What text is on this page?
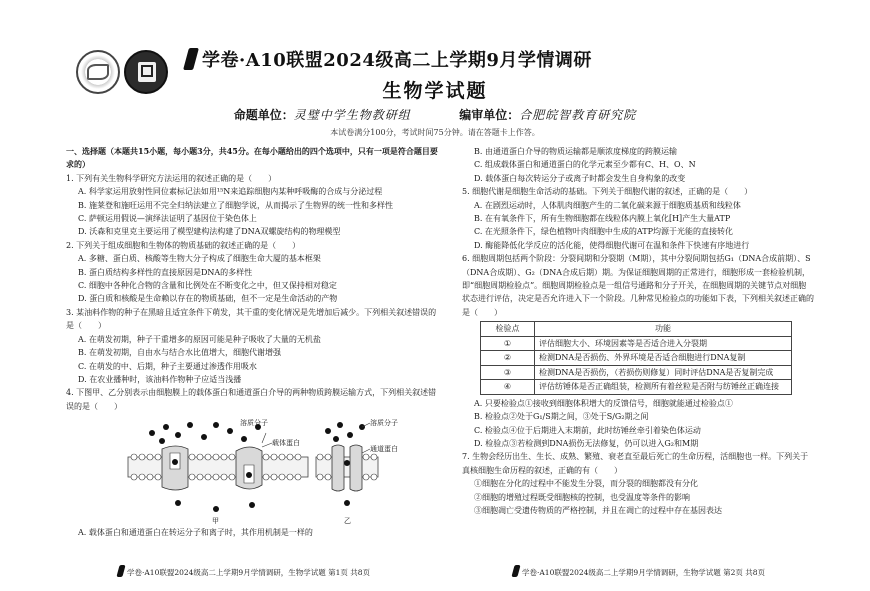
学卷·A10联盟2024级高二上学期9月学情调研
生物学试题
命题单位：灵璧中学生物教研组	编审单位：合肥皖智教育研究院
本试卷满分100分，考试时间75分钟。请在答题卡上作答。

一、选择题（本题共15小题，每小题3分，共45分。在每小题给出的四个选项中，只有一项是符合题目要求的）

1. 下列有关生物科学研究方法运用的叙述正确的是（　　）

A. 科学家运用放射性同位素标记法如用¹⁵N来追踪细胞内某种呼吸酶的合成与分泌过程

B. 施莱登和施旺运用不完全归纳法建立了细胞学说，从而揭示了生物界的统一性和多样性

C. 萨顿运用假说—演绎法证明了基因位于染色体上

D. 沃森和克里克主要运用了模型建构法构建了DNA双螺旋结构的物理模型

2. 下列关于组成细胞和生物体的物质基础的叙述正确的是（　　）

A. 多糖、蛋白质、核酸等生物大分子构成了细胞生命大厦的基本框架

B. 蛋白质结构多样性的直接原因是DNA的多样性

C. 细胞中各种化合物的含量和比例处在不断变化之中，但又保持相对稳定

D. 蛋白质和核酸是生命赖以存在的物质基础，但不一定是生命活动的产物

3. 某油料作物的种子在黑暗且适宜条件下萌发，其干重的变化情况是先增加后减少。下列相关叙述错误的是（　　）

A. 在萌发初期，种子干重增多的原因可能是种子吸收了大量的无机盐

B. 在萌发初期，自由水与结合水比值增大，细胞代谢增强

C. 在萌发的中、后期，种子主要通过渗透作用吸水

D. 在农业播种时，该油料作物种子应适当浅播

4. 下图甲、乙分别表示由细胞膜上的载体蛋白和通道蛋白介导的两种物质跨膜运输方式，下列相关叙述错误的是（　　）

溶质分子
载体蛋白
甲
溶质分子
通道蛋白
乙

A. 载体蛋白和通道蛋白在转运分子和离子时，其作用机制是一样的

B. 由通道蛋白介导的物质运输都是顺浓度梯度的跨膜运输

C. 组成载体蛋白和通道蛋白的化学元素至少都有C、H、O、N

D. 载体蛋白每次转运分子或离子时都会发生自身构象的改变

5. 细胞代谢是细胞生命活动的基础。下列关于细胞代谢的叙述，正确的是（　　）

A. 在剧烈运动时，人体肌肉细胞产生的二氧化碳来源于细胞质基质和线粒体

B. 在有氧条件下，所有生物细胞都在线粒体内膜上氧化[H]产生大量ATP

C. 在光照条件下，绿色植物叶肉细胞中生成的ATP均源于光能的直接转化

D. 酶能降低化学反应的活化能，使得细胞代谢可在温和条件下快速有序地进行

6. 细胞周期包括两个阶段：分裂间期和分裂期（M期），其中分裂间期包括G₁（DNA合成前期）、S（DNA合成期）、G₂（DNA合成后期）期。为保证细胞周期的正常进行，细胞形成一套检验机制，即“细胞周期检验点”。细胞周期检验点是一组信号通路和分子开关，在细胞周期的关键节点对细胞状态进行评估，决定是否允许进入下一个阶段。几种常见检验点的功能如下表，下列相关叙述正确的是（　　）

检验点	功能
①	评估细胞大小、环境因素等是否适合进入分裂期
②	检测DNA是否损伤、外界环境是否适合细胞进行DNA复制
③	检测DNA是否损伤，（若损伤则修复）同时评估DNA是否复制完成
④	评估纺锤体是否正确组装，检测所有着丝粒是否附与纺锤丝正确连接

A. 只要检验点①接收到细胞体积增大的反馈信号，细胞就能通过检验点①

B. 检验点②处于G₁/S期之间，③处于S/G₂期之间

C. 检验点④位于后期进入末期前，此时纺锤丝牵引着染色体运动

D. 检验点③若检测到DNA损伤无法修复，仍可以进入G₂和M期

7. 生物会经历出生、生长、成熟、繁殖、衰老直至最后死亡的生命历程，活细胞也一样。下列关于真核细胞生命历程的叙述，正确的有（　　）

①细胞在分化的过程中不能发生分裂，而分裂的细胞都没有分化

②细胞的增殖过程既受细胞核的控制，也受温度等条件的影响

③细胞凋亡受遗传物质的严格控制，并且在凋亡的过程中存在基因表达

学卷·A10联盟2024级高二上学期9月学情调研，生物学试题 第1页 共8页	学卷·A10联盟2024级高二上学期9月学情调研，生物学试题 第2页 共8页
